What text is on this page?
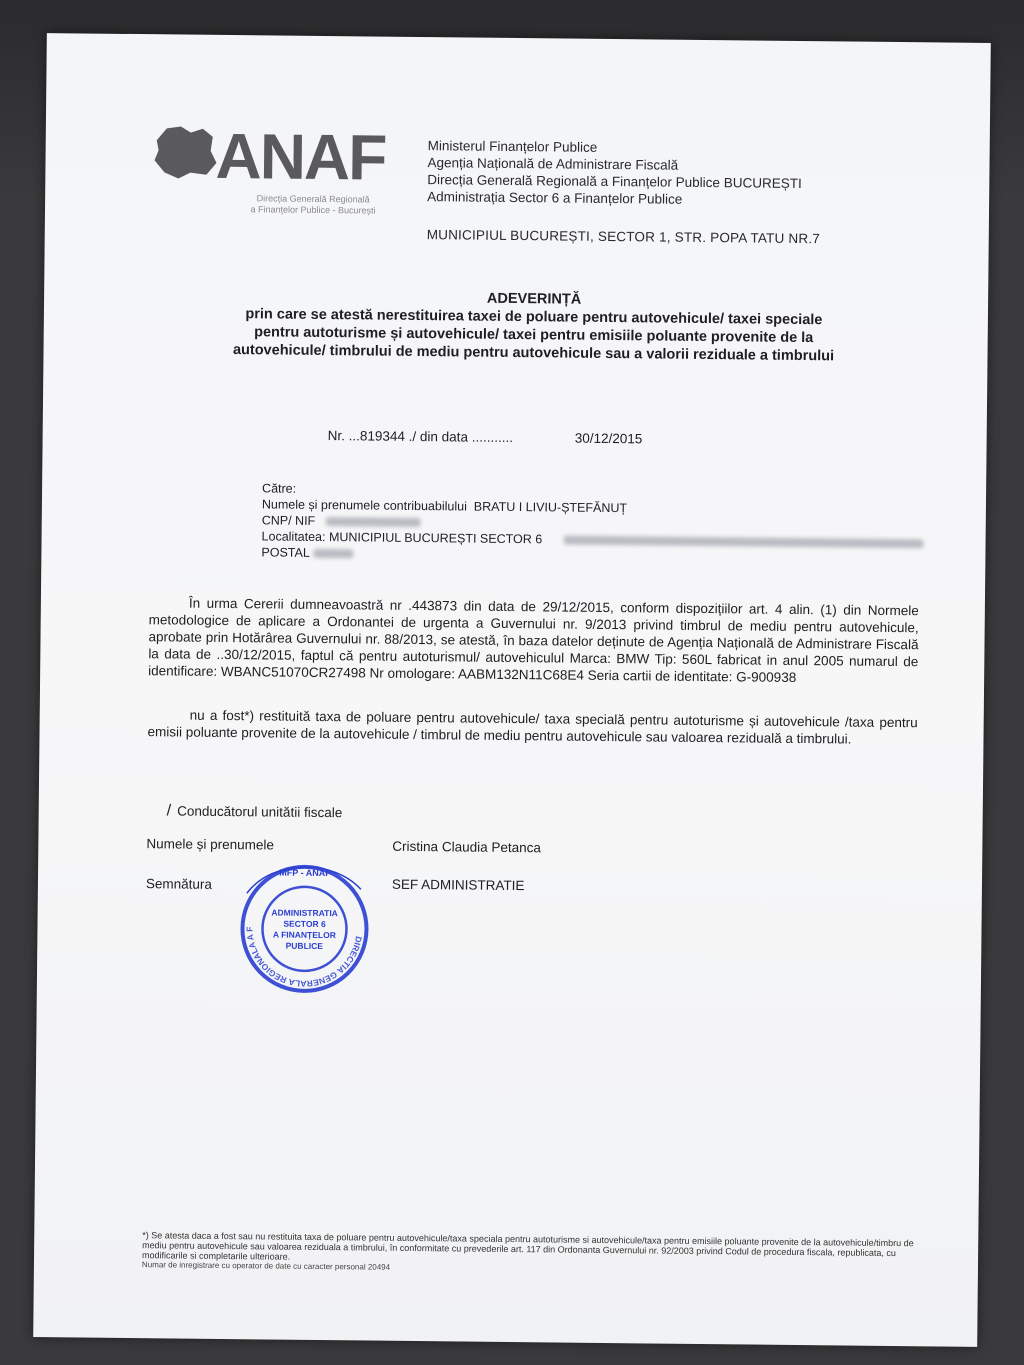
ANAF
Direcția Generală Regională
a Finanțelor Publice - București
Ministerul Finanțelor Publice
Agenția Națională de Administrare Fiscală
Direcția Generală Regională a Finanțelor Publice BUCUREȘTI
Administrația Sector 6 a Finanțelor Publice
MUNICIPIUL BUCUREȘTI, SECTOR 1, STR. POPA TATU NR.7
ADEVERINȚĂ
prin care se atestă nerestituirea taxei de poluare pentru autovehicule/ taxei speciale
pentru autoturisme și autovehicule/ taxei pentru emisiile poluante provenite de la
autovehicule/ timbrului de mediu pentru autovehicule sau a valorii reziduale a timbrului
Nr. ...819344 ./ din data ...........	30/12/2015
Către:
Numele și prenumele contribuabilului BRATU I LIVIU-ȘTEFĂNUȚ
CNP/ NIF
Localitatea: MUNICIPIUL BUCUREȘTI SECTOR 6
POSTAL
În urma Cererii dumneavoastră nr .443873 din data de 29/12/2015, conform dispozițiilor art. 4 alin. (1) din Normele metodologice de aplicare a Ordonantei de urgenta a Guvernului nr. 9/2013 privind timbrul de mediu pentru autovehicule, aprobate prin Hotărârea Guvernului nr. 88/2013, se atestă, în baza datelor deținute de Agenția Națională de Administrare Fiscală la data de ..30/12/2015, faptul că pentru autoturismul/ autovehiculul Marca: BMW Tip: 560L fabricat in anul 2005 numarul de identificare: WBANC51070CR27498 Nr omologare: AABM132N11C68E4 Seria cartii de identitate: G-900938
nu a fost*) restituită taxa de poluare pentru autovehicule/ taxa specială pentru autoturisme și autovehicule /taxa pentru emisii poluante provenite de la autovehicule / timbrul de mediu pentru autovehicule sau valoarea reziduală a timbrului.
/ Conducătorul unitătii fiscale
Numele și prenumele	Cristina Claudia Petanca
Semnătura	SEF ADMINISTRATIE
DIRECTIA GENERALA REGIONALA A FINANTELOR
MFP - ANAF
ADMINISTRATIA
SECTOR 6
A FINANȚELOR
PUBLICE
*) Se atesta daca a fost sau nu restituita taxa de poluare pentru autovehicule/taxa speciala pentru autoturisme si autovehicule/taxa pentru emisiile poluante provenite de la autovehicule/timbru de mediu pentru autovehicule sau valoarea reziduala a timbrului, în conformitate cu prevederile art. 117 din Ordonanta Guvernului nr. 92/2003 privind Codul de procedura fiscala, republicata, cu modificarile si completarile ulterioare.
Numar de inregistrare cu operator de date cu caracter personal 20494
